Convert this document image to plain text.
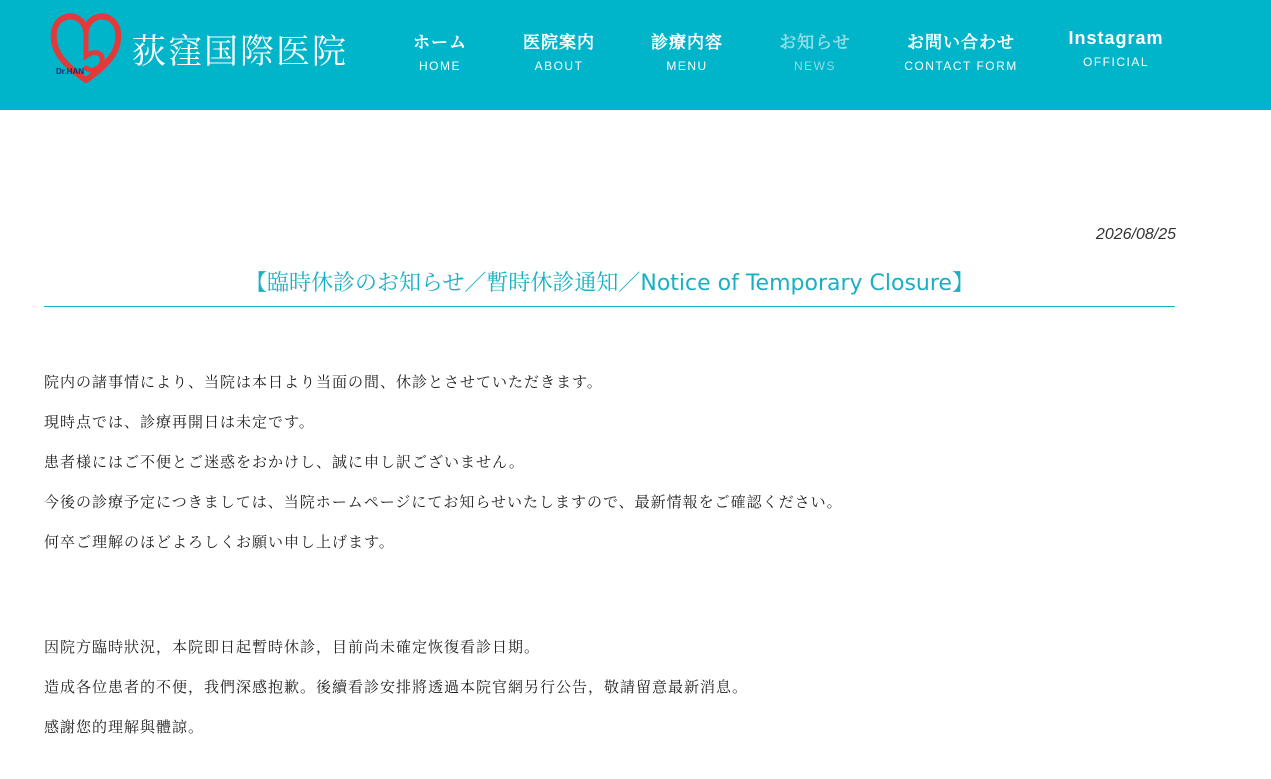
Dr.HAN 荻窪国際医院	ホーム
HOME
医院案内
ABOUT
診療内容
MENU
お知らせ
NEWS
お問い合わせ
CONTACT FORM
Instagram
OFFICIAL
2026/08/25
【臨時休診のお知らせ／暫時休診通知／Notice of Temporary Closure】
院内の諸事情により、当院は本日より当面の間、休診とさせていただきます。
現時点では、診療再開日は未定です。
患者様にはご不便とご迷惑をおかけし、誠に申し訳ございません。
今後の診療予定につきましては、当院ホームページにてお知らせいたしますので、最新情報をご確認ください。
何卒ご理解のほどよろしくお願い申し上げます。
因院方臨時狀況，本院即日起暫時休診，目前尚未確定恢復看診日期。
造成各位患者的不便，我們深感抱歉。後續看診安排將透過本院官網另行公告，敬請留意最新消息。
感謝您的理解與體諒。
